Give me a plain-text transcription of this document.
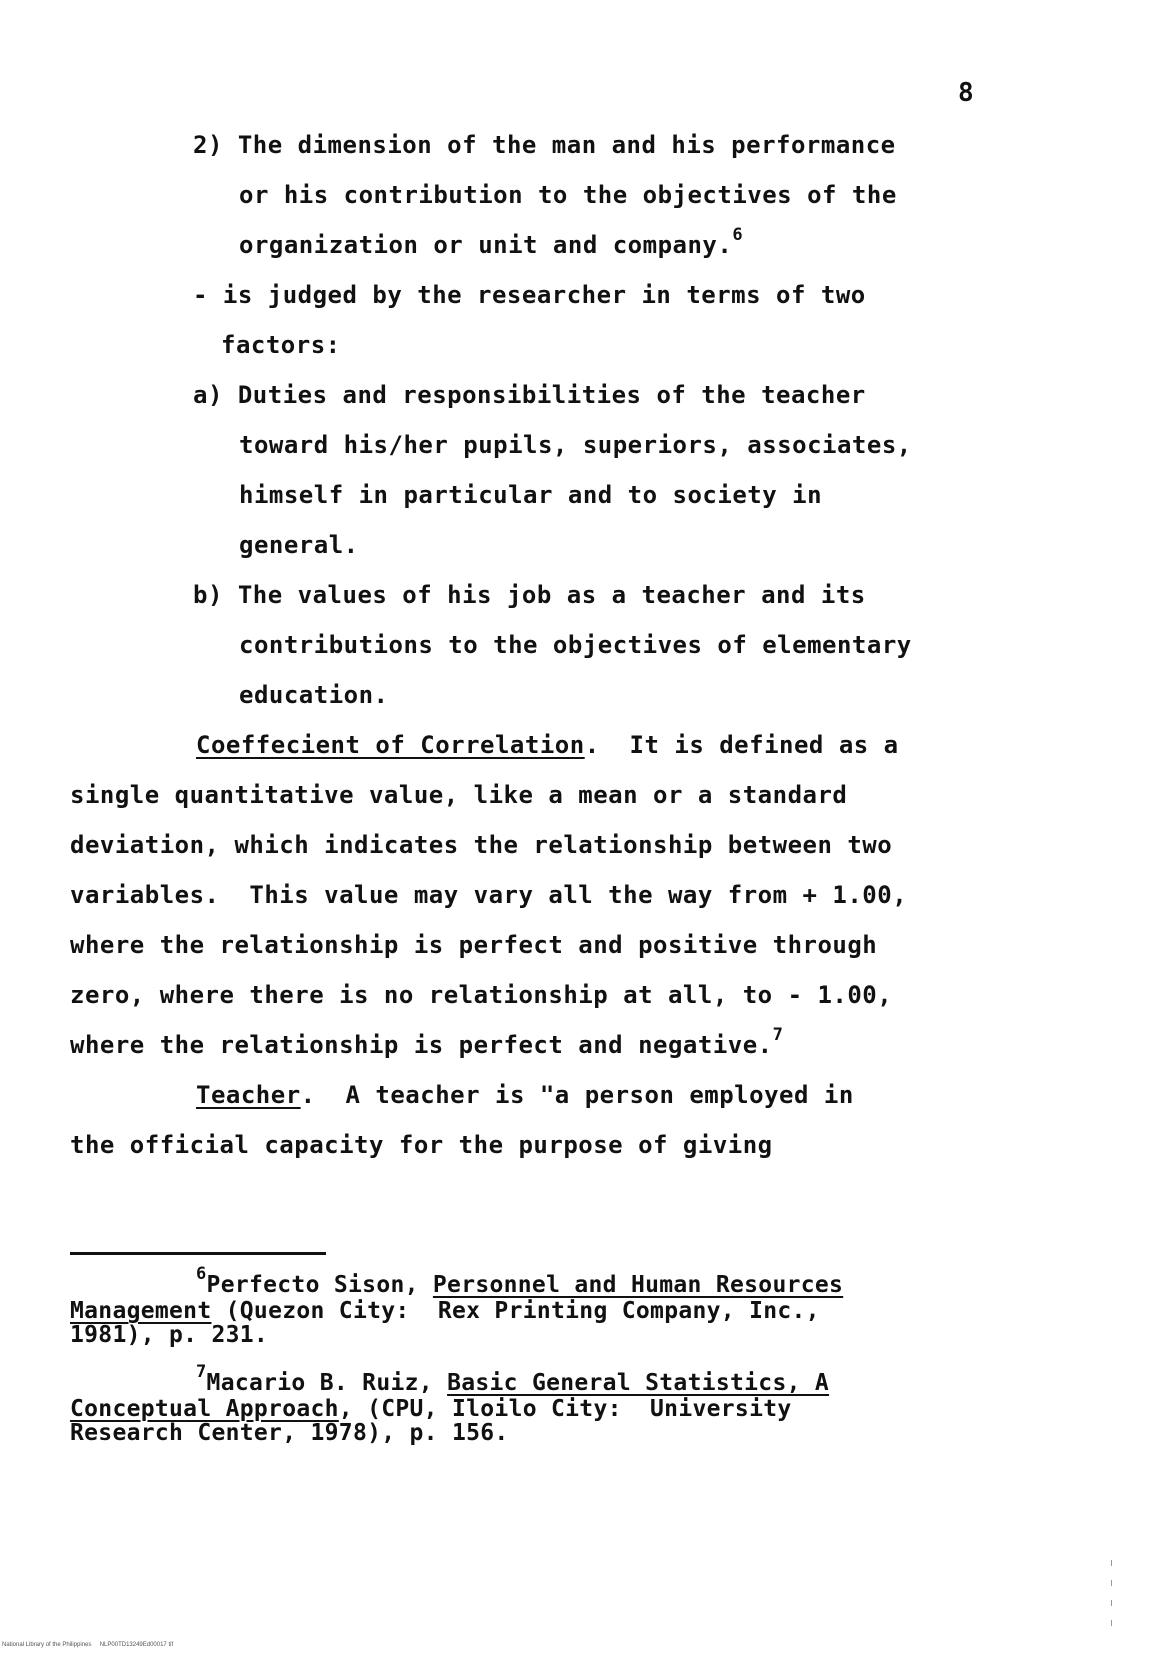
8
2) The dimension of the man and his performance
or his contribution to the objectives of the
organization or unit and company.$^6$
- is judged by the researcher in terms of two
factors:
a) Duties and responsibilities of the teacher
toward his/her pupils, superiors, associates,
himself in particular and to society in
general.
b) The values of his job as a teacher and its
contributions to the objectives of elementary
education.
Coeffecient of Correlation.  It is defined as a
single quantitative value, like a mean or a standard
deviation, which indicates the relationship between two
variables.  This value may vary all the way from + 1.00,
where the relationship is perfect and positive through
zero, where there is no relationship at all, to - 1.00,
where the relationship is perfect and negative.$^7$
Teacher.  A teacher is "a person employed in
the official capacity for the purpose of giving
$^6$Perfecto Sison, Personnel and Human Resources
Management (Quezon City:  Rex Printing Company, Inc.,
1981), p. 231.
$^7$Macario B. Ruiz, Basic General Statistics, A
Conceptual Approach, (CPU, Iloilo City:  University
Research Center, 1978), p. 156.
National Library of the Philippines     NLP00TD13249Ed00017 tif
